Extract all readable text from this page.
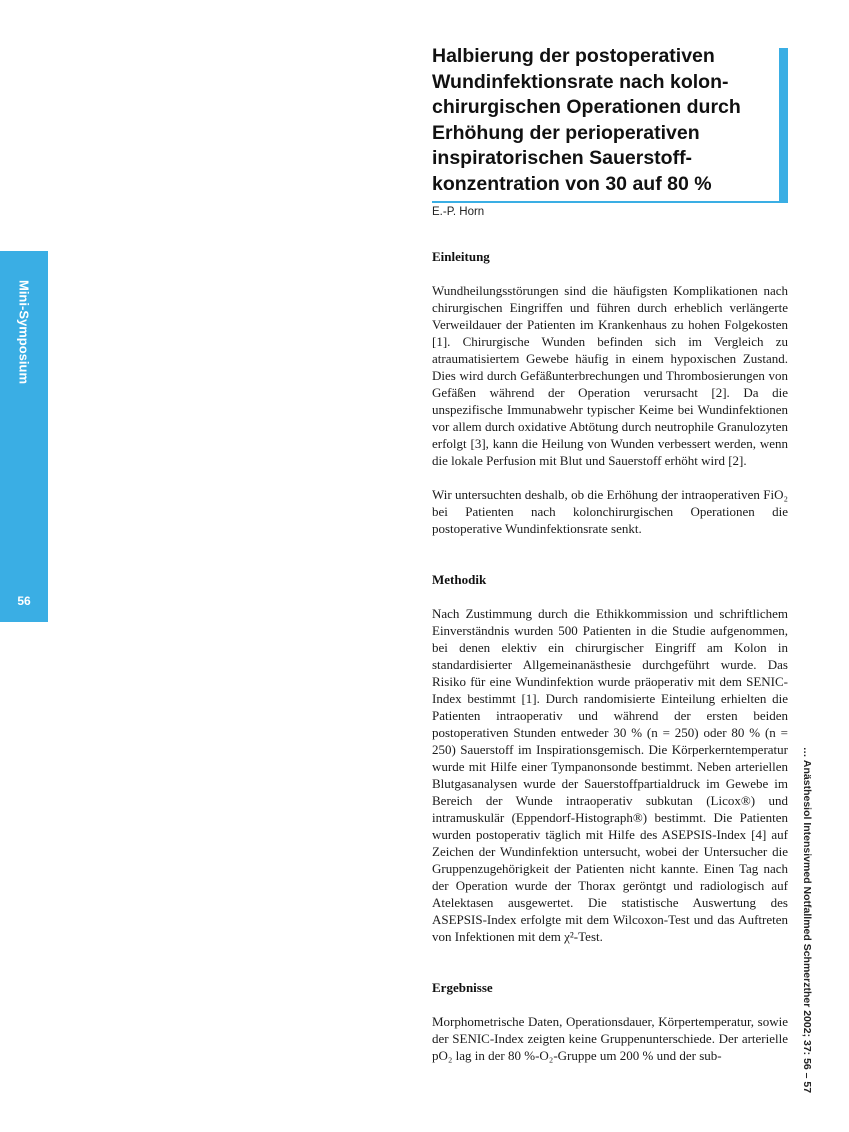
Mini-Symposium
56
… Anästhesiol Intensivmed Notfallmed Schmerzther 2002; 37: 56 – 57
Halbierung der postoperativen Wundinfektionsrate nach kolon-chirurgischen Operationen durch Erhöhung der perioperativen inspiratorischen Sauerstoff-konzentration von 30 auf 80 %
E.-P. Horn
Einleitung

Wundheilungsstörungen sind die häufigsten Komplikationen nach chirurgischen Eingriffen und führen durch erheblich verlängerte Verweildauer der Patienten im Krankenhaus zu hohen Folgekosten [1]. Chirurgische Wunden befinden sich im Vergleich zu atraumatisiertem Gewebe häufig in einem hypoxischen Zustand. Dies wird durch Gefäßunterbrechungen und Thrombosierungen von Gefäßen während der Operation verursacht [2]. Da die unspezifische Immunabwehr typischer Keime bei Wundinfektionen vor allem durch oxidative Abtötung durch neutrophile Granulozyten erfolgt [3], kann die Heilung von Wunden verbessert werden, wenn die lokale Perfusion mit Blut und Sauerstoff erhöht wird [2].

Wir untersuchten deshalb, ob die Erhöhung der intraoperativen FiO₂ bei Patienten nach kolonchirurgischen Operationen die postoperative Wundinfektionsrate senkt.

Methodik

Nach Zustimmung durch die Ethikkommission und schriftlichem Einverständnis wurden 500 Patienten in die Studie aufgenommen, bei denen elektiv ein chirurgischer Eingriff am Kolon in standardisierter Allgemeinanästhesie durchgeführt wurde. Das Risiko für eine Wundinfektion wurde präoperativ mit dem SENIC-Index bestimmt [1]. Durch randomisierte Einteilung erhielten die Patienten intraoperativ und während der ersten beiden postoperativen Stunden entweder 30 % (n = 250) oder 80 % (n = 250) Sauerstoff im Inspirationsgemisch. Die Körperkerntemperatur wurde mit Hilfe einer Tympanonsonde bestimmt. Neben arteriellen Blutgasanalysen wurde der Sauerstoffpartialdruck im Gewebe im Bereich der Wunde intraoperativ subkutan (Licox®) und intramuskulär (Eppendorf-Histograph®) bestimmt. Die Patienten wurden postoperativ täglich mit Hilfe des ASEPSIS-Index [4] auf Zeichen der Wundinfektion untersucht, wobei der Untersucher die Gruppenzugehörigkeit der Patienten nicht kannte. Einen Tag nach der Operation wurde der Thorax geröntgt und radiologisch auf Atelektasen ausgewertet. Die statistische Auswertung des ASEPSIS-Index erfolgte mit dem Wilcoxon-Test und das Auftreten von Infektionen mit dem χ²-Test.

Ergebnisse

Morphometrische Daten, Operationsdauer, Körpertemperatur, sowie der SENIC-Index zeigten keine Gruppenunterschiede. Der arterielle pO₂ lag in der 80 %-O₂-Gruppe um 200 % und der sub-
